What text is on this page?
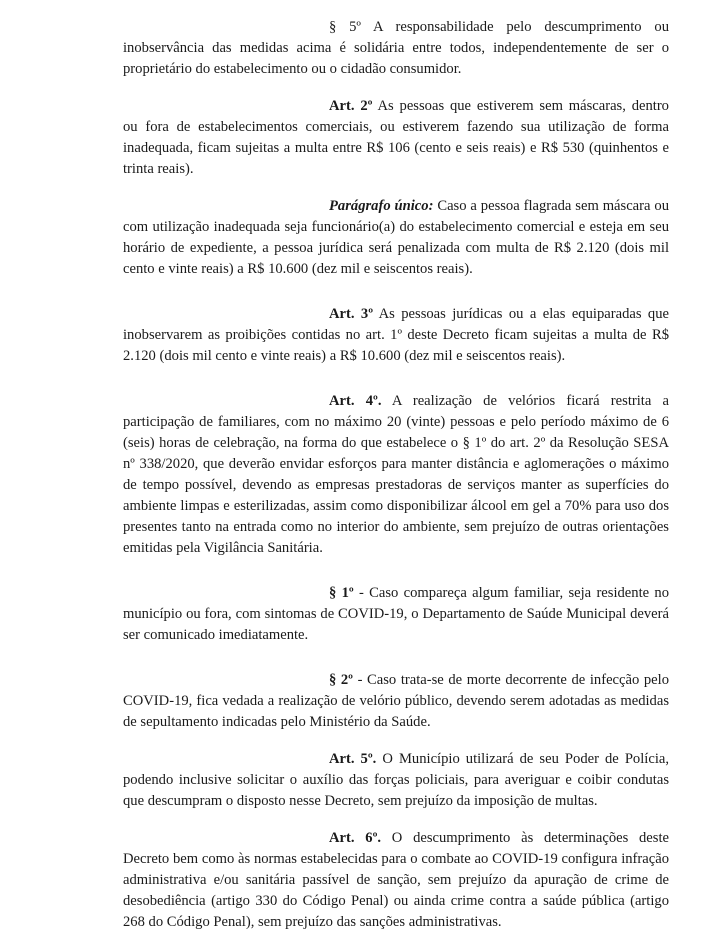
§ 5º A responsabilidade pelo descumprimento ou inobservância das medidas acima é solidária entre todos, independentemente de ser o proprietário do estabelecimento ou o cidadão consumidor.

Art. 2º As pessoas que estiverem sem máscaras, dentro ou fora de estabelecimentos comerciais, ou estiverem fazendo sua utilização de forma inadequada, ficam sujeitas a multa entre R$ 106 (cento e seis reais) e R$ 530 (quinhentos e trinta reais).

Parágrafo único: Caso a pessoa flagrada sem máscara ou com utilização inadequada seja funcionário(a) do estabelecimento comercial e esteja em seu horário de expediente, a pessoa jurídica será penalizada com multa de R$ 2.120 (dois mil cento e vinte reais) a R$ 10.600 (dez mil e seiscentos reais).

Art. 3º As pessoas jurídicas ou a elas equiparadas que inobservarem as proibições contidas no art. 1º deste Decreto ficam sujeitas a multa de R$ 2.120 (dois mil cento e vinte reais) a R$ 10.600 (dez mil e seiscentos reais).

Art. 4º. A realização de velórios ficará restrita a participação de familiares, com no máximo 20 (vinte) pessoas e pelo período máximo de 6 (seis) horas de celebração, na forma do que estabelece o § 1º do art. 2º da Resolução SESA nº 338/2020, que deverão envidar esforços para manter distância e aglomerações o máximo de tempo possível, devendo as empresas prestadoras de serviços manter as superfícies do ambiente limpas e esterilizadas, assim como disponibilizar álcool em gel a 70% para uso dos presentes tanto na entrada como no interior do ambiente, sem prejuízo de outras orientações emitidas pela Vigilância Sanitária.

§ 1º - Caso compareça algum familiar, seja residente no município ou fora, com sintomas de COVID-19, o Departamento de Saúde Municipal deverá ser comunicado imediatamente.

§ 2º - Caso trata-se de morte decorrente de infecção pelo COVID-19, fica vedada a realização de velório público, devendo serem adotadas as medidas de sepultamento indicadas pelo Ministério da Saúde.

Art. 5º. O Município utilizará de seu Poder de Polícia, podendo inclusive solicitar o auxílio das forças policiais, para averiguar e coibir condutas que descumpram o disposto nesse Decreto, sem prejuízo da imposição de multas.

Art. 6º. O descumprimento às determinações deste Decreto bem como às normas estabelecidas para o combate ao COVID-19 configura infração administrativa e/ou sanitária passível de sanção, sem prejuízo da apuração de crime de desobediência (artigo 330 do Código Penal) ou ainda crime contra a saúde pública (artigo 268 do Código Penal), sem prejuízo das sanções administrativas.
